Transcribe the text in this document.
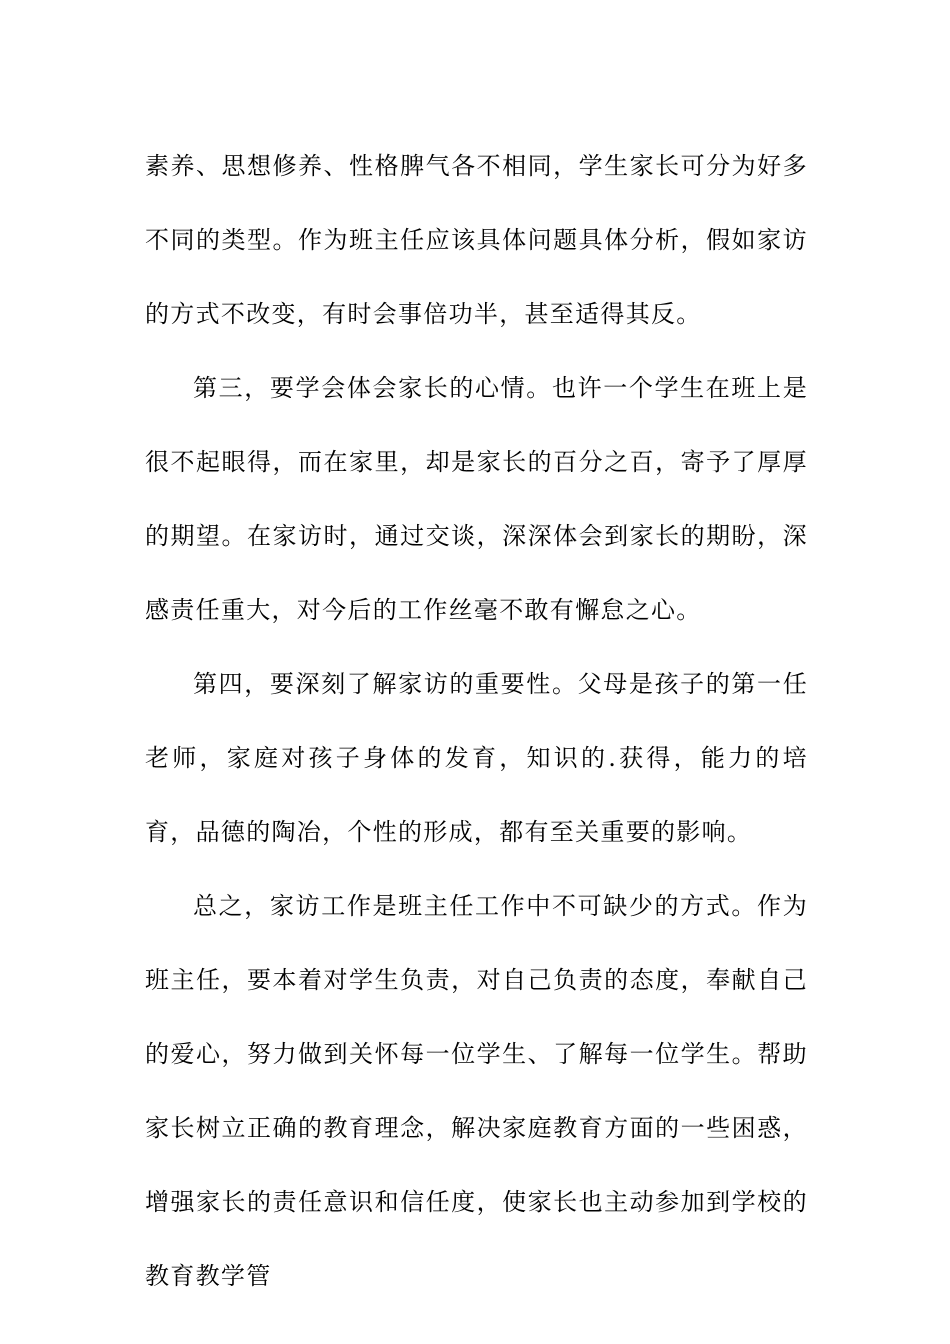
素养、思想修养、性格脾气各不相同，学生家长可分为好多不同的类型。作为班主任应该具体问题具体分析，假如家访的方式不改变，有时会事倍功半，甚至适得其反。

第三，要学会体会家长的心情。也许一个学生在班上是很不起眼得，而在家里，却是家长的百分之百，寄予了厚厚的期望。在家访时，通过交谈，深深体会到家长的期盼，深感责任重大，对今后的工作丝毫不敢有懈怠之心。

第四，要深刻了解家访的重要性。父母是孩子的第一任老师，家庭对孩子身体的发育，知识的.获得，能力的培育，品德的陶冶，个性的形成，都有至关重要的影响。

总之，家访工作是班主任工作中不可缺少的方式。作为班主任，要本着对学生负责，对自己负责的态度，奉献自己的爱心，努力做到关怀每一位学生、了解每一位学生。帮助家长树立正确的教育理念，解决家庭教育方面的一些困惑，增强家长的责任意识和信任度，使家长也主动参加到学校的教育教学管
